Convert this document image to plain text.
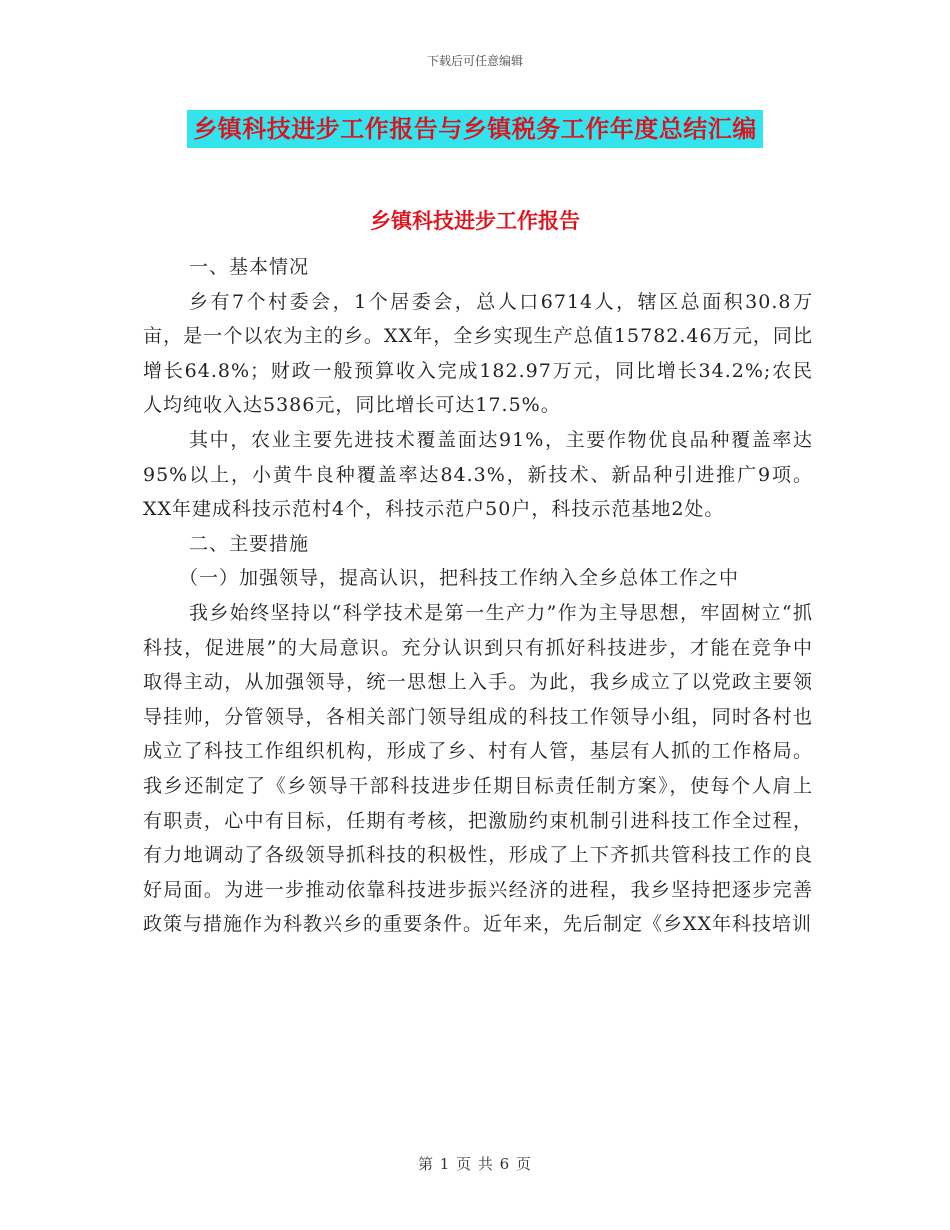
下载后可任意编辑
乡镇科技进步工作报告与乡镇税务工作年度总结汇编
乡镇科技进步工作报告

一、基本情况

乡有7个村委会，1个居委会，总人口6714人，辖区总面积30.8万亩，是一个以农为主的乡。XX年，全乡实现生产总值15782.46万元，同比增长64.8%；财政一般预算收入完成182.97万元，同比增长34.2%;农民人均纯收入达5386元，同比增长可达17.5%。

其中，农业主要先进技术覆盖面达91%，主要作物优良品种覆盖率达95%以上，小黄牛良种覆盖率达84.3%，新技术、新品种引进推广9项。XX年建成科技示范村4个，科技示范户50户，科技示范基地2处。

二、主要措施

（一）加强领导，提高认识，把科技工作纳入全乡总体工作之中

我乡始终坚持以“科学技术是第一生产力”作为主导思想，牢固树立“抓科技，促进展”的大局意识。充分认识到只有抓好科技进步，才能在竞争中取得主动，从加强领导，统一思想上入手。为此，我乡成立了以党政主要领导挂帅，分管领导，各相关部门领导组成的科技工作领导小组，同时各村也成立了科技工作组织机构，形成了乡、村有人管，基层有人抓的工作格局。我乡还制定了《乡领导干部科技进步任期目标责任制方案》，使每个人肩上有职责，心中有目标，任期有考核，把激励约束机制引进科技工作全过程，有力地调动了各级领导抓科技的积极性，形成了上下齐抓共管科技工作的良好局面。为进一步推动依靠科技进步振兴经济的进程，我乡坚持把逐步完善政策与措施作为科教兴乡的重要条件。近年来，先后制定《乡XX年科技培训

第 1 页 共 6 页
